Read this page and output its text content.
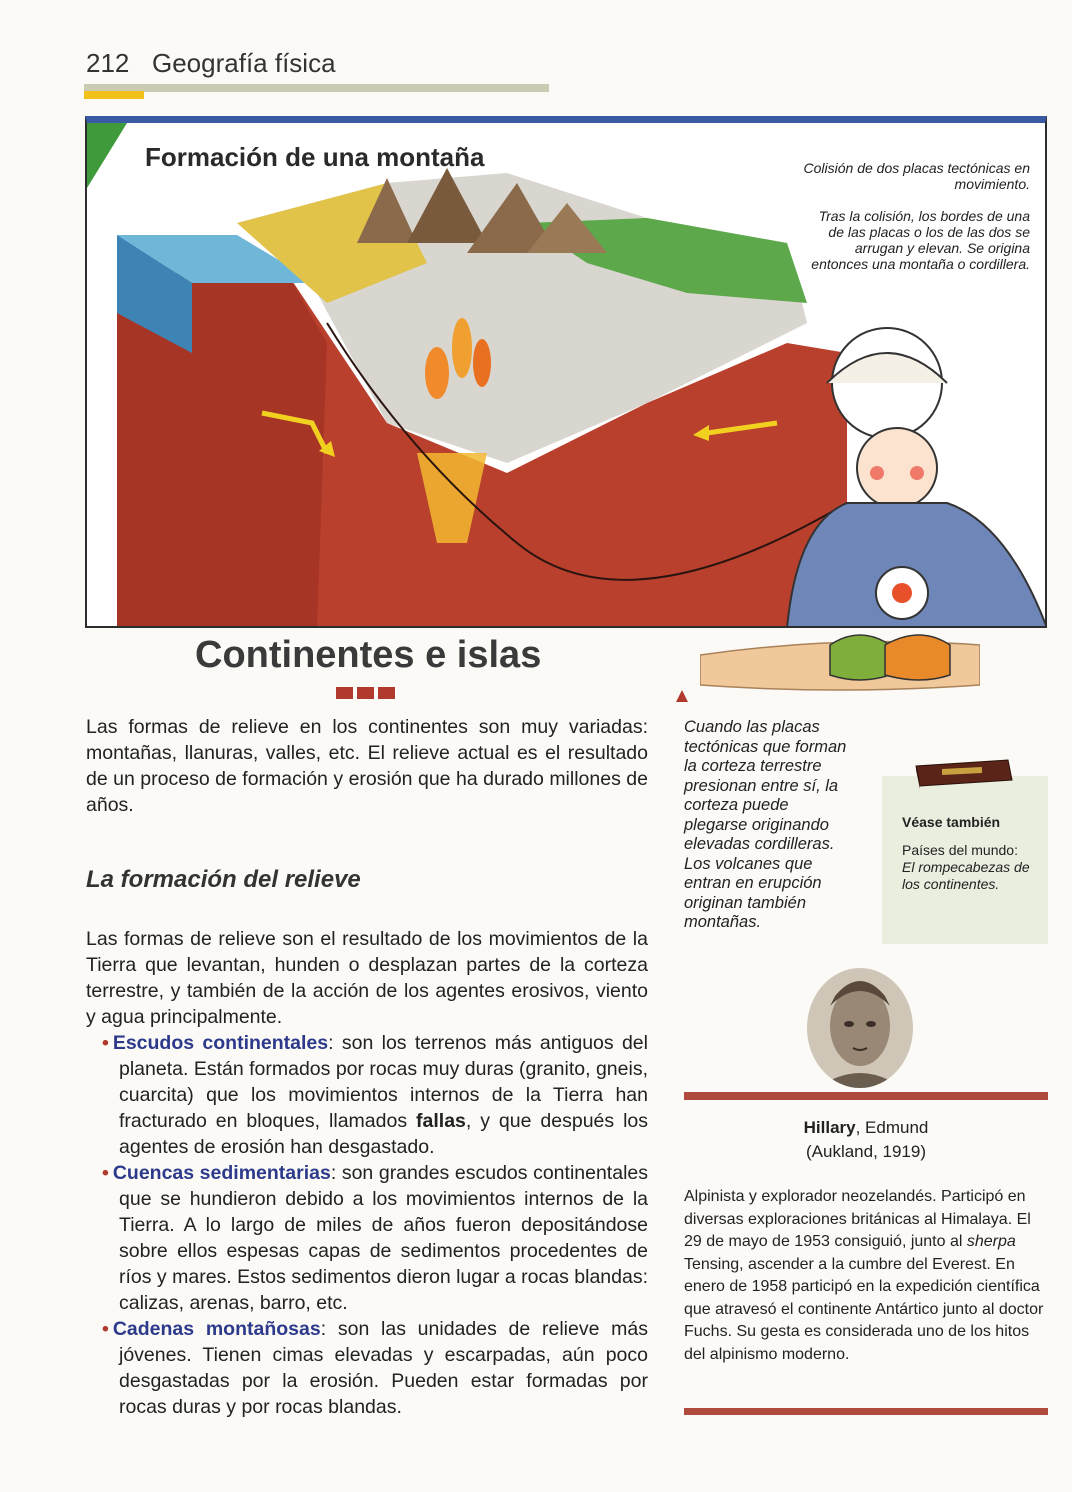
212 Geografía física
Formación de una montaña	Colisión de dos placas tectónicas en movimiento.
Tras la colisión, los bordes de una de las placas o los de las dos se arrugan y elevan. Se origina entonces una montaña o cordillera.
Continentes e islas
Las formas de relieve en los continentes son muy variadas: montañas, llanuras, valles, etc. El relieve actual es el resultado de un proceso de formación y erosión que ha durado millones de años.
La formación del relieve
Las formas de relieve son el resultado de los movimientos de la Tierra que levantan, hunden o desplazan partes de la corteza terrestre, y también de la acción de los agentes erosivos, viento y agua principalmente.
• Escudos continentales: son los terrenos más antiguos del planeta. Están formados por rocas muy duras (granito, gneis, cuarcita) que los movimientos internos de la Tierra han fracturado en bloques, llamados fallas, y que después los agentes de erosión han desgastado.
• Cuencas sedimentarias: son grandes escudos continentales que se hundieron debido a los movimientos internos de la Tierra. A lo largo de miles de años fueron depositándose sobre ellos espesas capas de sedimentos procedentes de ríos y mares. Estos sedimentos dieron lugar a rocas blandas: calizas, arenas, barro, etc.
• Cadenas montañosas: son las unidades de relieve más jóvenes. Tienen cimas elevadas y escarpadas, aún poco desgastadas por la erosión. Pueden estar formadas por rocas duras y por rocas blandas.
Cuando las placas tectónicas que forman la corteza terrestre presionan entre sí, la corteza puede plegarse originando elevadas cordilleras. Los volcanes que entran en erupción originan también montañas.
Véase también
Países del mundo:
El rompecabezas de los continentes.
Hillary, Edmund
(Aukland, 1919)
Alpinista y explorador neozelandés. Participó en diversas exploraciones británicas al Himalaya. El 29 de mayo de 1953 consiguió, junto al sherpa Tensing, ascender a la cumbre del Everest. En enero de 1958 participó en la expedición científica que atravesó el continente Antártico junto al doctor Fuchs. Su gesta es considerada uno de los hitos del alpinismo moderno.
